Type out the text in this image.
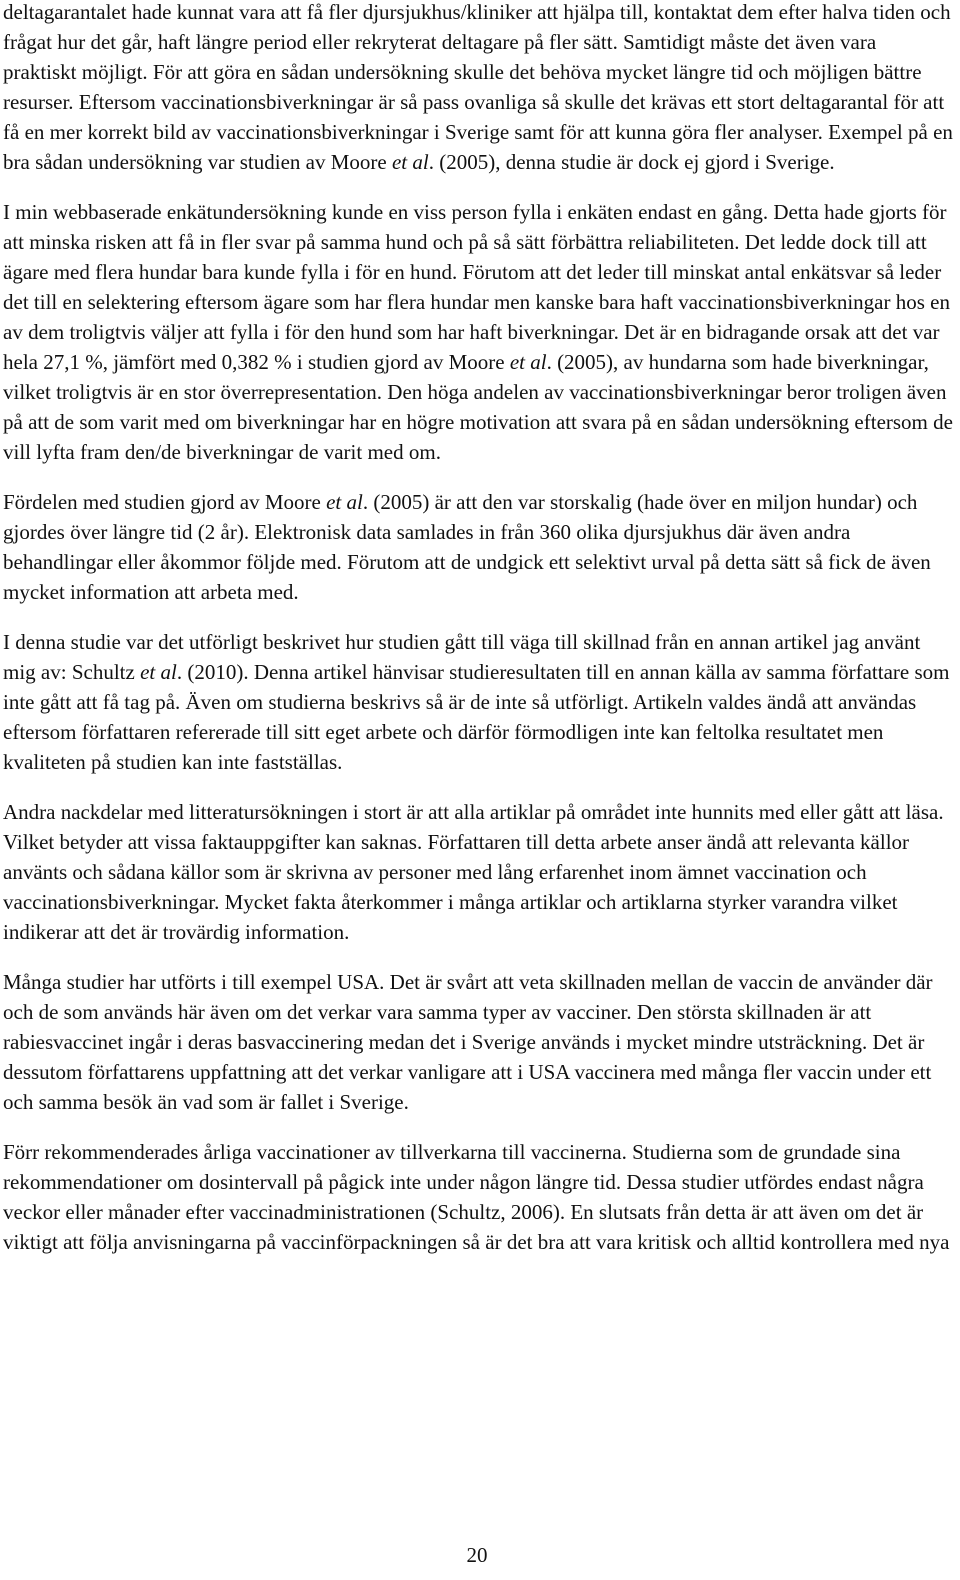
deltagarantalet hade kunnat vara att få fler djursjukhus/kliniker att hjälpa till, kontaktat dem efter halva tiden och frågat hur det går, haft längre period eller rekryterat deltagare på fler sätt. Samtidigt måste det även vara praktiskt möjligt. För att göra en sådan undersökning skulle det behöva mycket längre tid och möjligen bättre resurser. Eftersom vaccinationsbiverkningar är så pass ovanliga så skulle det krävas ett stort deltagarantal för att få en mer korrekt bild av vaccinationsbiverkningar i Sverige samt för att kunna göra fler analyser. Exempel på en bra sådan undersökning var studien av Moore et al. (2005), denna studie är dock ej gjord i Sverige.

I min webbaserade enkätundersökning kunde en viss person fylla i enkäten endast en gång. Detta hade gjorts för att minska risken att få in fler svar på samma hund och på så sätt förbättra reliabiliteten. Det ledde dock till att ägare med flera hundar bara kunde fylla i för en hund. Förutom att det leder till minskat antal enkätsvar så leder det till en selektering eftersom ägare som har flera hundar men kanske bara haft vaccinationsbiverkningar hos en av dem troligtvis väljer att fylla i för den hund som har haft biverkningar. Det är en bidragande orsak att det var hela 27,1 %, jämfört med 0,382 % i studien gjord av Moore et al. (2005), av hundarna som hade biverkningar, vilket troligtvis är en stor överrepresentation. Den höga andelen av vaccinationsbiverkningar beror troligen även på att de som varit med om biverkningar har en högre motivation att svara på en sådan undersökning eftersom de vill lyfta fram den/de biverkningar de varit med om.

Fördelen med studien gjord av Moore et al. (2005) är att den var storskalig (hade över en miljon hundar) och gjordes över längre tid (2 år). Elektronisk data samlades in från 360 olika djursjukhus där även andra behandlingar eller åkommor följde med. Förutom att de undgick ett selektivt urval på detta sätt så fick de även mycket information att arbeta med.

I denna studie var det utförligt beskrivet hur studien gått till väga till skillnad från en annan artikel jag använt mig av: Schultz et al. (2010). Denna artikel hänvisar studieresultaten till en annan källa av samma författare som inte gått att få tag på. Även om studierna beskrivs så är de inte så utförligt. Artikeln valdes ändå att användas eftersom författaren refererade till sitt eget arbete och därför förmodligen inte kan feltolka resultatet men kvaliteten på studien kan inte fastställas.

Andra nackdelar med litteratursökningen i stort är att alla artiklar på området inte hunnits med eller gått att läsa. Vilket betyder att vissa faktauppgifter kan saknas. Författaren till detta arbete anser ändå att relevanta källor använts och sådana källor som är skrivna av personer med lång erfarenhet inom ämnet vaccination och vaccinationsbiverkningar. Mycket fakta återkommer i många artiklar och artiklarna styrker varandra vilket indikerar att det är trovärdig information.

Många studier har utförts i till exempel USA. Det är svårt att veta skillnaden mellan de vaccin de använder där och de som används här även om det verkar vara samma typer av vacciner. Den största skillnaden är att rabiesvaccinet ingår i deras basvaccinering medan det i Sverige används i mycket mindre utsträckning. Det är dessutom författarens uppfattning att det verkar vanligare att i USA vaccinera med många fler vaccin under ett och samma besök än vad som är fallet i Sverige.

Förr rekommenderades årliga vaccinationer av tillverkarna till vaccinerna. Studierna som de grundade sina rekommendationer om dosintervall på pågick inte under någon längre tid. Dessa studier utfördes endast några veckor eller månader efter vaccinadministrationen (Schultz, 2006). En slutsats från detta är att även om det är viktigt att följa anvisningarna på vaccinförpackningen så är det bra att vara kritisk och alltid kontrollera med nya

20
